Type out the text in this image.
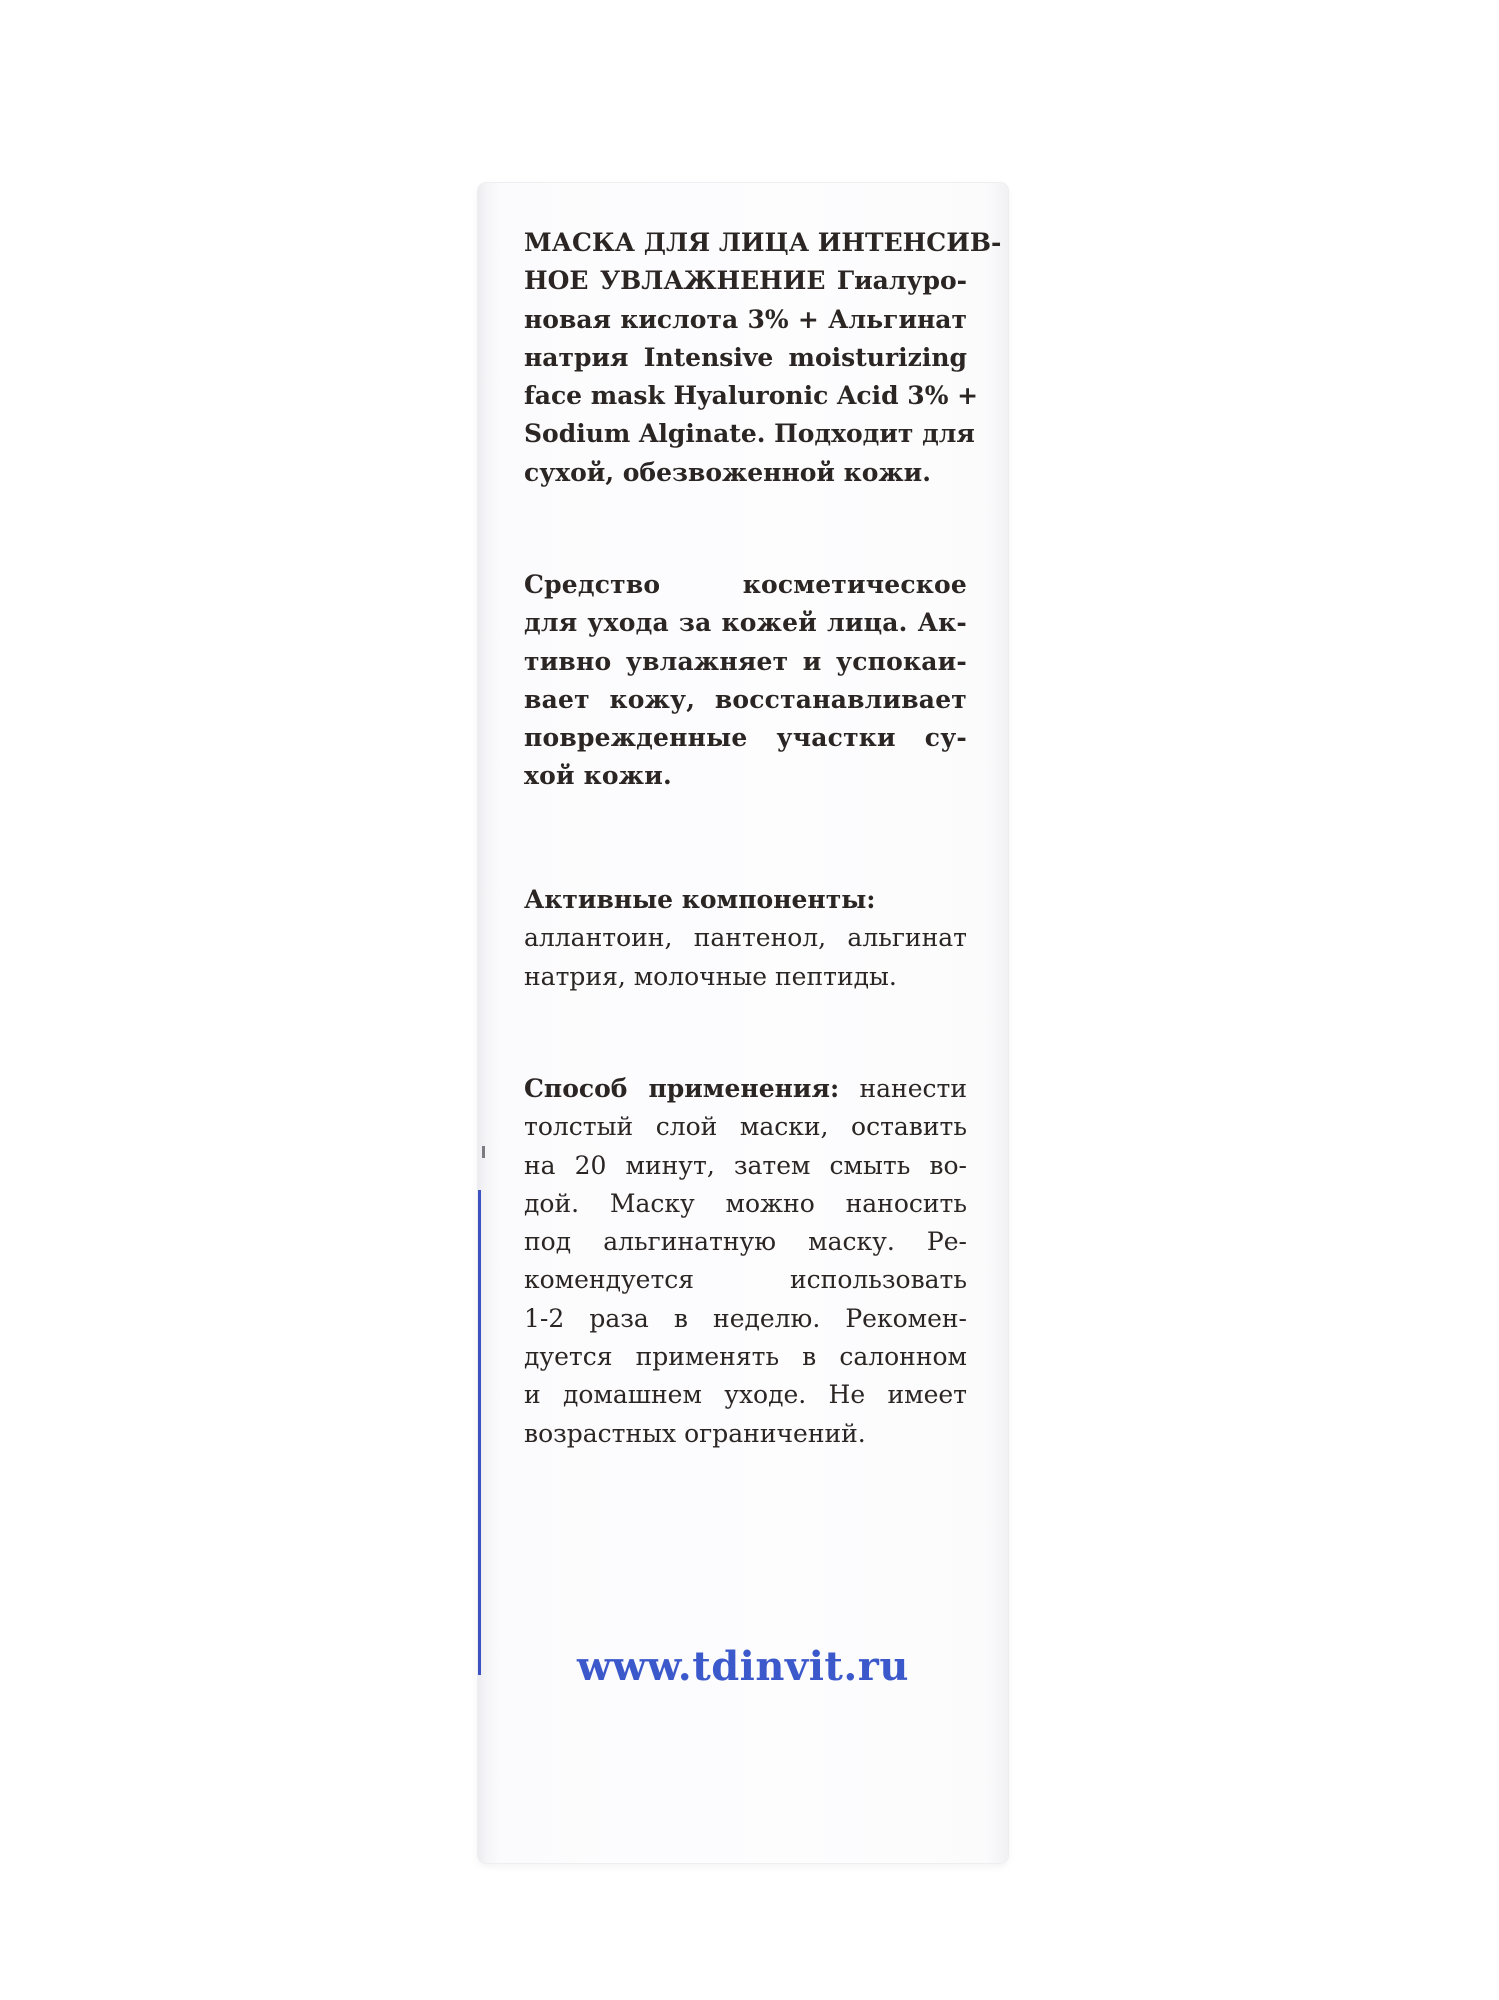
МАСКА ДЛЯ ЛИЦА ИНТЕНСИВ-
НОЕ УВЛАЖНЕНИЕ Гиалуро-
новая кислота 3% + Альгинат
натрия Intensive moisturizing
face mask Hyaluronic Acid 3% +
Sodium Alginate. Подходит для
сухой, обезвоженной кожи.

Средство косметическое
для ухода за кожей лица. Ак-
тивно увлажняет и успокаи-
вает кожу, восстанавливает
поврежденные участки су-
хой кожи.

Активные компоненты:
аллантоин, пантенол, альгинат
натрия, молочные пептиды.

Способ применения: нанести
толстый слой маски, оставить
на 20 минут, затем смыть во-
дой. Маску можно наносить
под альгинатную маску. Ре-
комендуется использовать
1-2 раза в неделю. Рекомен-
дуется применять в салонном
и домашнем уходе. Не имеет
возрастных ограничений.

www.tdinvit.ru
